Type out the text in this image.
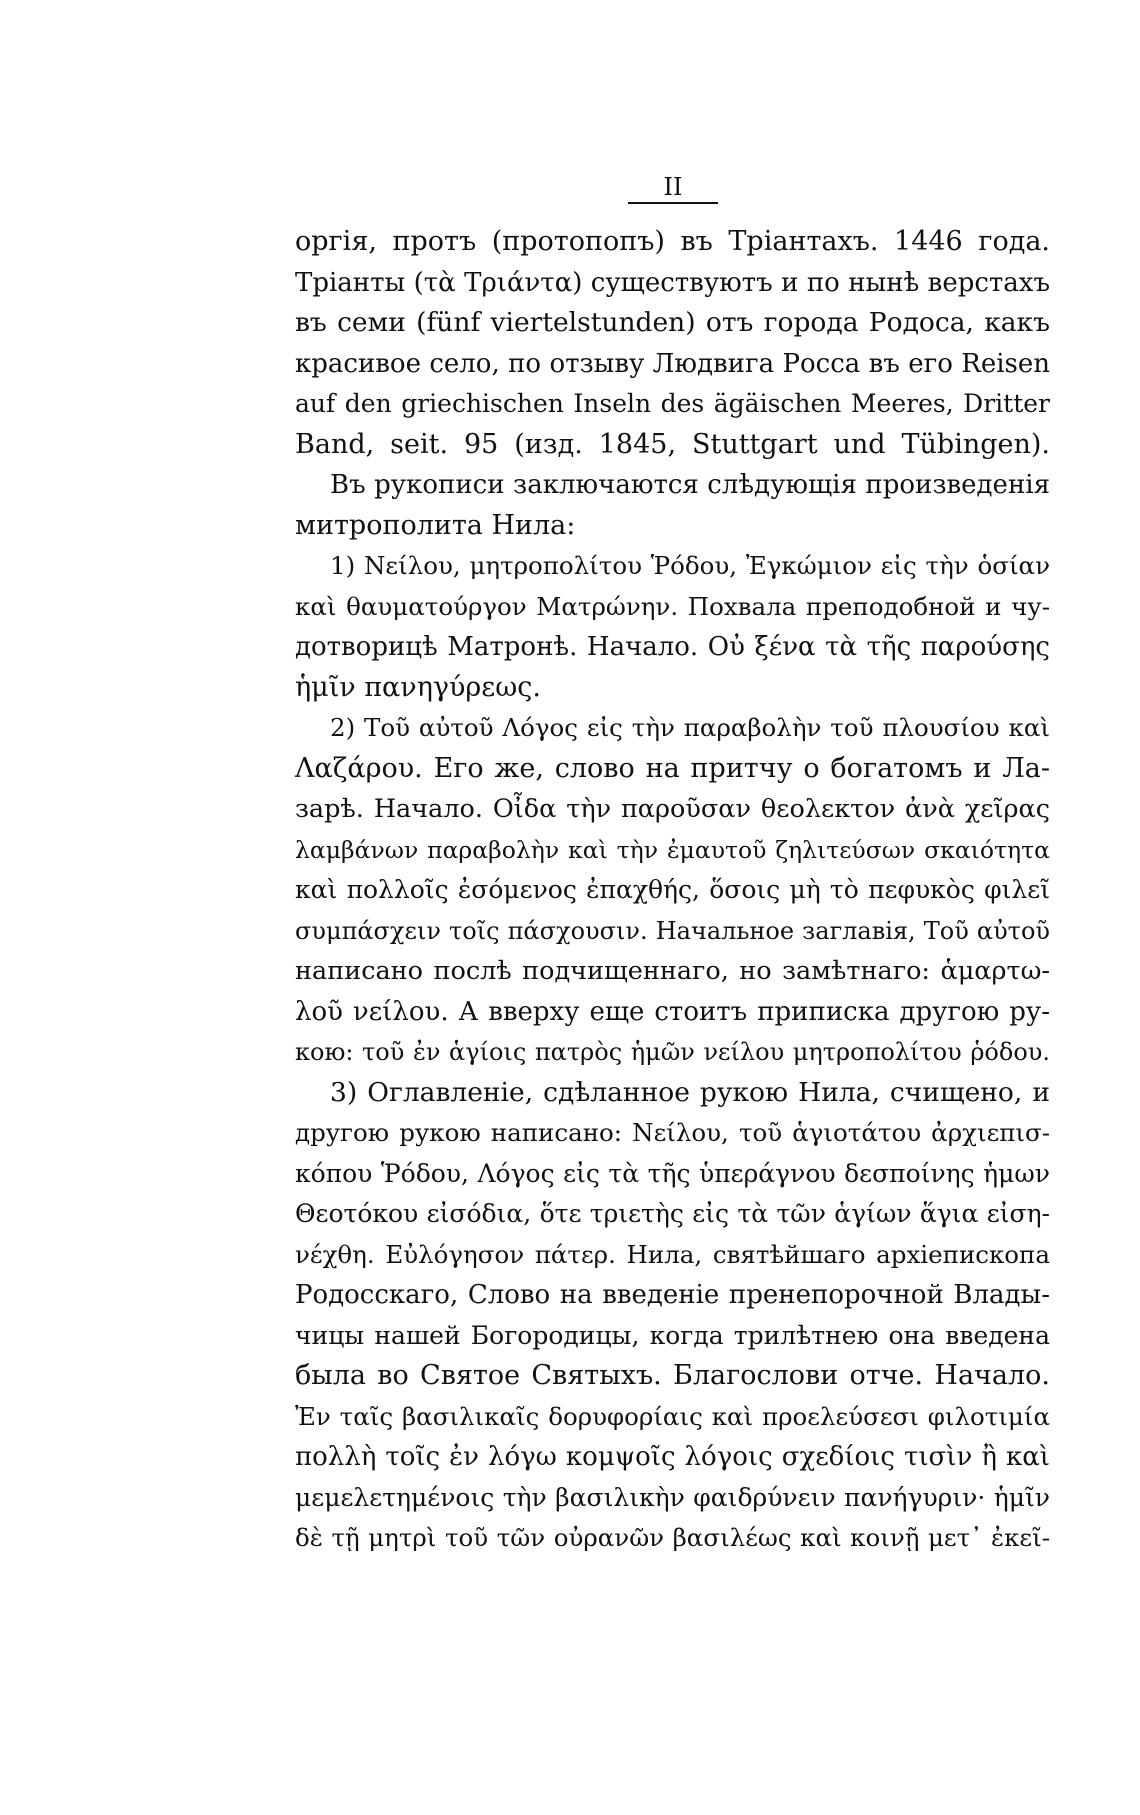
II
оргія, протъ (протопопъ) въ Тріантахъ. 1446 года.
Тріанты (τὰ Τριάντα) существуютъ и по нынѣ верстахъ
въ семи (fünf viertelstunden) отъ города Родоса, какъ
красивое село, по отзыву Людвига Росса въ его Reisen
auf den griechischen Inseln des ägäischen Meeres, Dritter
Band, seit. 95 (изд. 1845, Stuttgart und Tübingen).
Въ рукописи заключаются слѣдующія произведенія
митрополита Нила:
1) Νείλου, μητροπολίτου Ῥόδου, Ἐγκώμιον εἰς τὴν ὁσίαν
καὶ θαυματούργον Ματρώνην. Похвала преподобной и чу-
дотворицѣ Матронѣ. Начало. Οὐ ξένα τὰ τῆς παρούσης
ἡμῖν πανηγύρεως.
2) Τοῦ αὐτοῦ Λόγος εἰς τὴν παραβολὴν τοῦ πλουσίου καὶ
Λαζάρου. Его же, слово на притчу о богатомъ и Ла-
зарѣ. Начало. Οἶδα τὴν παροῦσαν θεολεκτον ἀνὰ χεῖρας
λαμβάνων παραβολὴν καὶ τὴν ἐμαυτοῦ ζηλιτεύσων σκαιότητα
καὶ πολλοῖς ἐσόμενος ἐπαχθής, ὅσοις μὴ τὸ πεφυκὸς φιλεῖ
συμπάσχειν τοῖς πάσχουσιν. Начальное заглавія, Τοῦ αὐτοῦ
написано послѣ подчищеннаго, но замѣтнаго: ἁμαρτω-
λοῦ νείλου. А вверху еще стоитъ приписка другою ру-
кою: τοῦ ἐν ἁγίοις πατρὸς ἡμῶν νείλου μητροπολίτου ῥόδου.
3) Оглавленіе, сдѣланное рукою Нила, счищено, и
другою рукою написано: Νείλου, τοῦ ἁγιοτάτου ἀρχιεπισ-
κόπου Ῥόδου, Λόγος εἰς τὰ τῆς ὑπεράγνου δεσποίνης ἡμων
Θεοτόκου εἰσόδια, ὅτε τριετὴς εἰς τὰ τῶν ἁγίων ἅγια εἰση-
νέχθη. Εὐλόγησον πάτερ. Нила, святѣйшаго архіепископа
Родосскаго, Слово на введеніе пренепорочной Влады-
чицы нашей Богородицы, когда трилѣтнею она введена
была во Святое Святыхъ. Благослови отче. Начало.
Ἐν ταῖς βασιλικαῖς δορυφορίαις καὶ προελεύσεσι φιλοτιμία
πολλὴ τοῖς ἐν λόγω κομψοῖς λόγοις σχεδίοις τισὶν ἢ καὶ
μεμελετημένοις τὴν βασιλικὴν φαιδρύνειν πανήγυριν· ἡμῖν
δὲ τῇ μητρὶ τοῦ τῶν οὐρανῶν βασιλέως καὶ κοινῇ μετ᾽ ἐκεῖ-
